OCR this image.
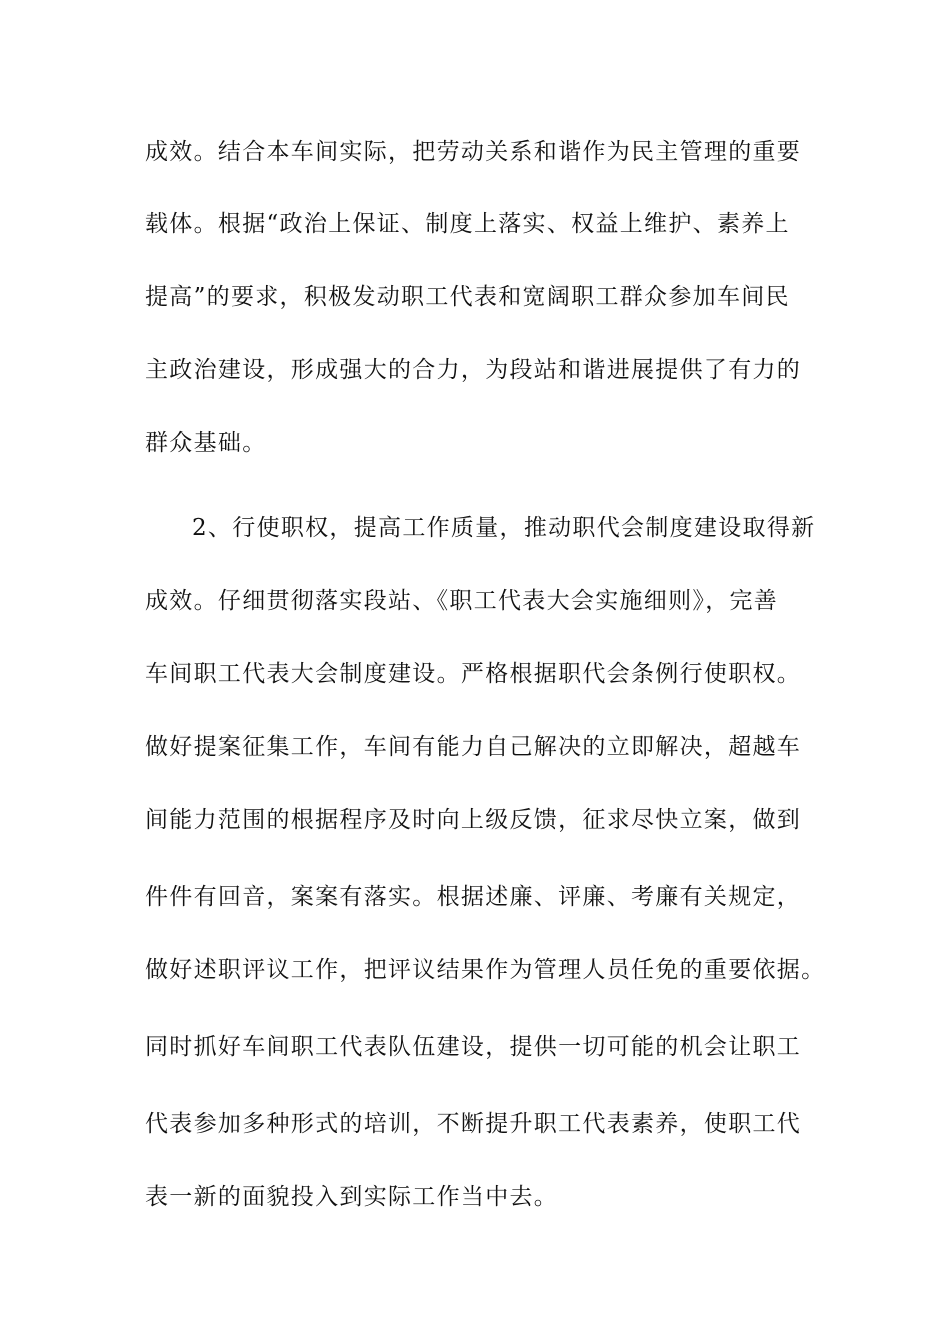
成效。结合本车间实际，把劳动关系和谐作为民主管理的重要
载体。根据“政治上保证、制度上落实、权益上维护、素养上
提高”的要求，积极发动职工代表和宽阔职工群众参加车间民
主政治建设，形成强大的合力，为段站和谐进展提供了有力的
群众基础。
2、行使职权，提高工作质量，推动职代会制度建设取得新
成效。仔细贯彻落实段站、《职工代表大会实施细则》，完善
车间职工代表大会制度建设。严格根据职代会条例行使职权。
做好提案征集工作，车间有能力自己解决的立即解决，超越车
间能力范围的根据程序及时向上级反馈，征求尽快立案，做到
件件有回音，案案有落实。根据述廉、评廉、考廉有关规定，
做好述职评议工作，把评议结果作为管理人员任免的重要依据。
同时抓好车间职工代表队伍建设，提供一切可能的机会让职工
代表参加多种形式的培训，不断提升职工代表素养，使职工代
表一新的面貌投入到实际工作当中去。
